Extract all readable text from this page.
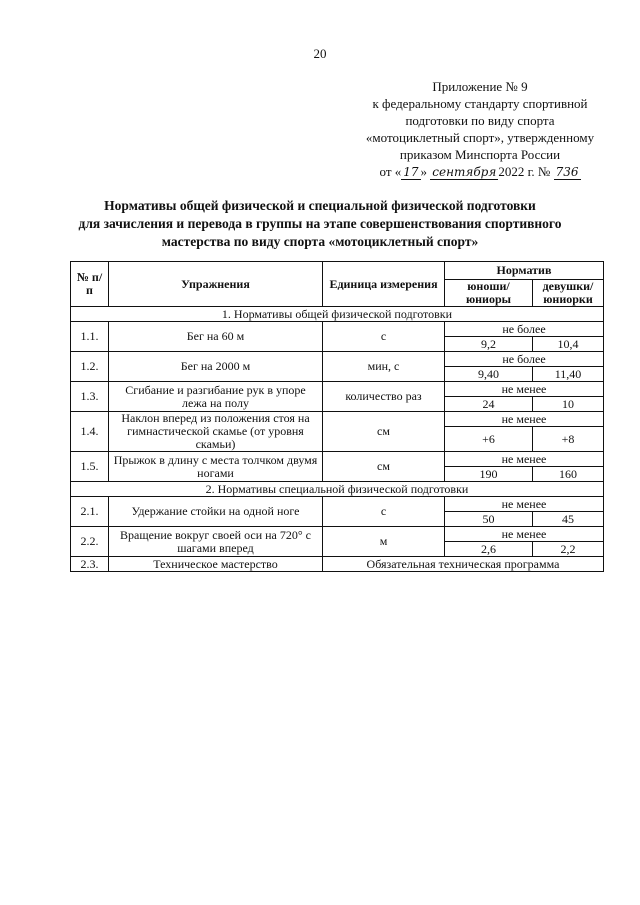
20
Приложение № 9
к федеральному стандарту спортивной
подготовки по виду спорта
«мотоциклетный спорт», утвержденному
приказом Минспорта России
от « 17 » сентября 2022 г. № 736
Нормативы общей физической и специальной физической подготовки
для зачисления и перевода в группы на этапе совершенствования спортивного
мастерства по виду спорта «мотоциклетный спорт»
№ п/п	Упражнения	Единица измерения	Норматив	
			юноши/ юниоры	девушки/ юниорки
1. Нормативы общей физической подготовки				
1.1.	Бег на 60 м	с	не более	
			9,2	10,4
1.2.	Бег на 2000 м	мин, с	не более	
			9,40	11,40
1.3.	Сгибание и разгибание рук в упоре лежа на полу	количество раз	не менее	
			24	10
1.4.	Наклон вперед из положения стоя на гимнастической скамье (от уровня скамьи)	см	не менее	
			+6	+8
1.5.	Прыжок в длину с места толчком двумя ногами	см	не менее	
			190	160
2. Нормативы специальной физической подготовки				
2.1.	Удержание стойки на одной ноге	с	не менее	
			50	45
2.2.	Вращение вокруг своей оси на 720° с шагами вперед	м	не менее	
			2,6	2,2
2.3.	Техническое мастерство	Обязательная техническая программа		
